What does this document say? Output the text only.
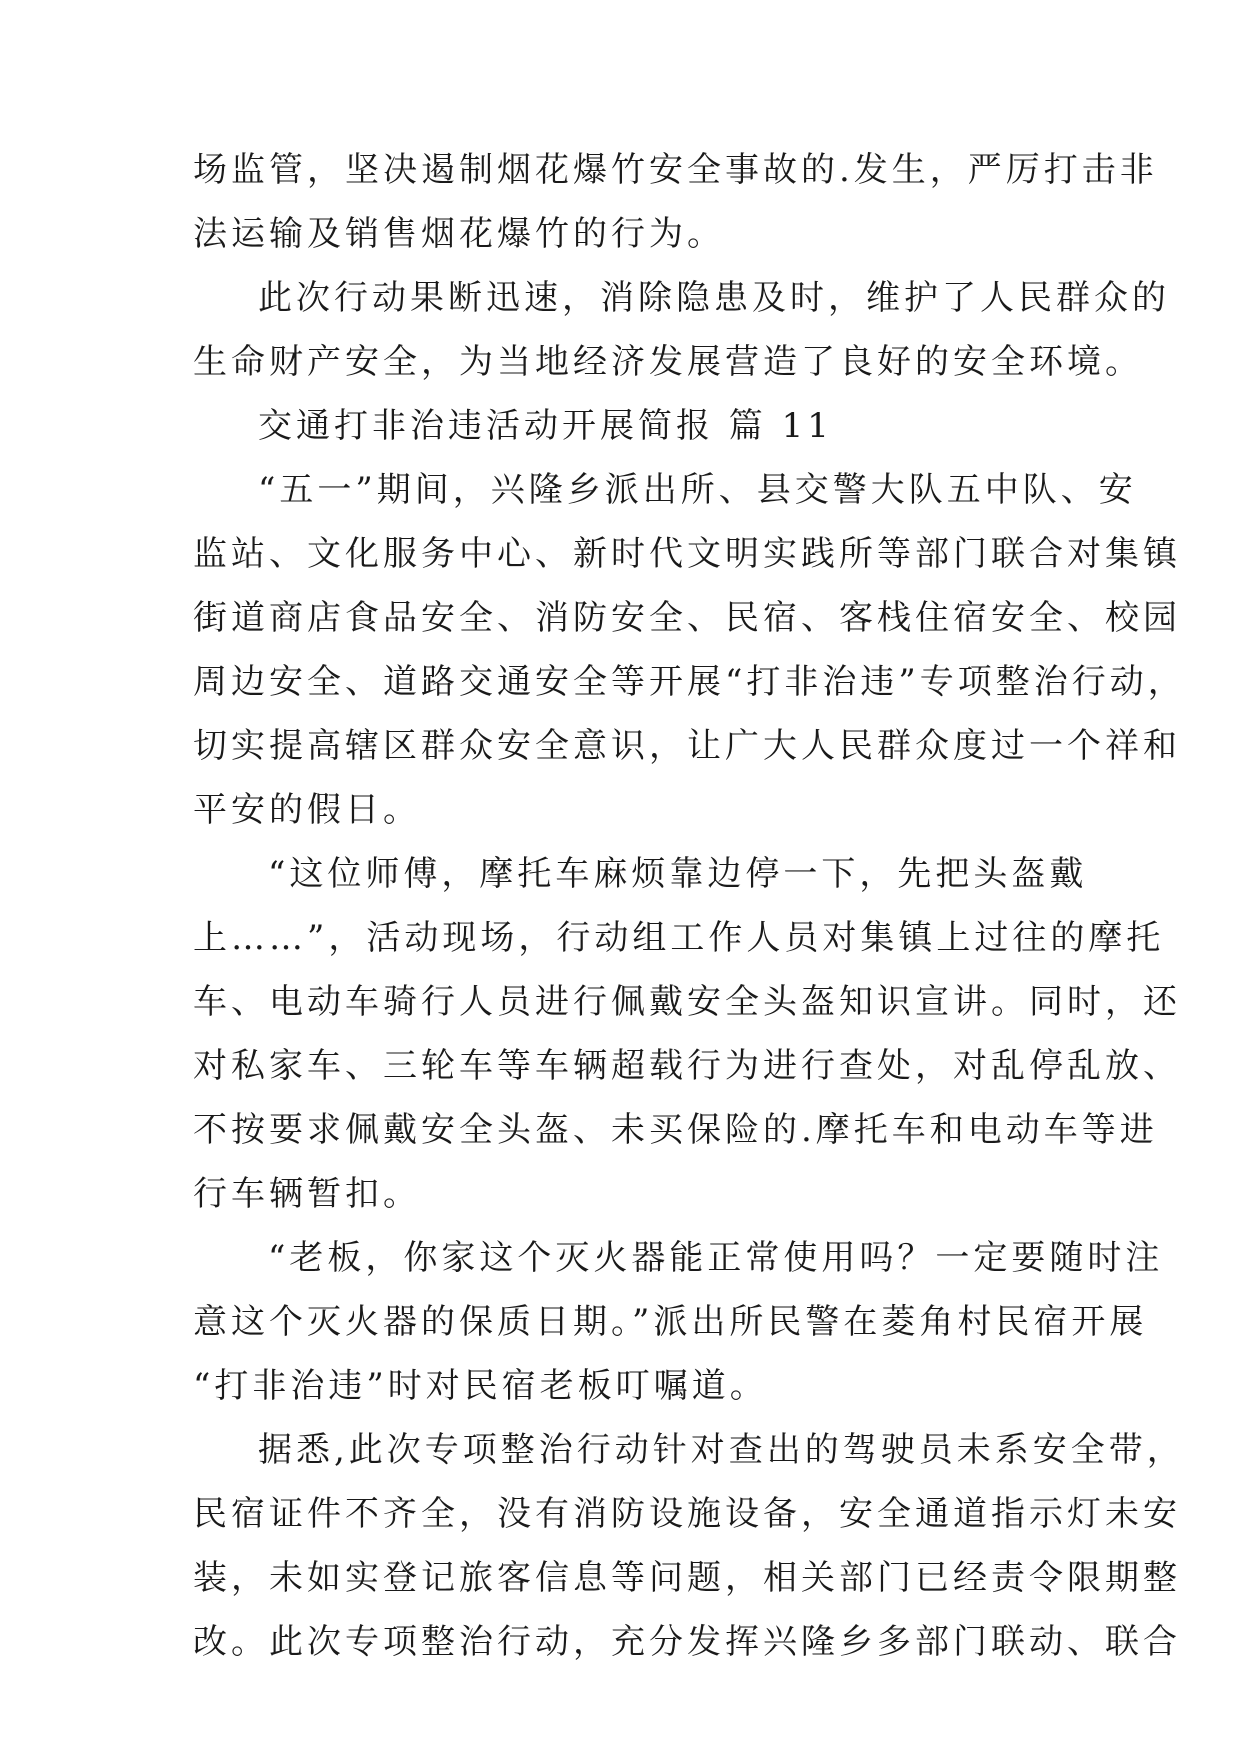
场监管，坚决遏制烟花爆竹安全事故的.发生，严厉打击非
法运输及销售烟花爆竹的行为。
此次行动果断迅速，消除隐患及时，维护了人民群众的
生命财产安全，为当地经济发展营造了良好的安全环境。
交通打非治违活动开展简报 篇 11
“五一”期间，兴隆乡派出所、县交警大队五中队、安
监站、文化服务中心、新时代文明实践所等部门联合对集镇
街道商店食品安全、消防安全、民宿、客栈住宿安全、校园
周边安全、道路交通安全等开展“打非治违”专项整治行动，
切实提高辖区群众安全意识，让广大人民群众度过一个祥和
平安的假日。
“这位师傅，摩托车麻烦靠边停一下，先把头盔戴
上……”，活动现场，行动组工作人员对集镇上过往的摩托
车、电动车骑行人员进行佩戴安全头盔知识宣讲。同时，还
对私家车、三轮车等车辆超载行为进行查处，对乱停乱放、
不按要求佩戴安全头盔、未买保险的.摩托车和电动车等进
行车辆暂扣。
“老板，你家这个灭火器能正常使用吗？一定要随时注
意这个灭火器的保质日期。”派出所民警在菱角村民宿开展
“打非治违”时对民宿老板叮嘱道。
据悉,此次专项整治行动针对查出的驾驶员未系安全带，
民宿证件不齐全，没有消防设施设备，安全通道指示灯未安
装，未如实登记旅客信息等问题，相关部门已经责令限期整
改。此次专项整治行动，充分发挥兴隆乡多部门联动、联合
